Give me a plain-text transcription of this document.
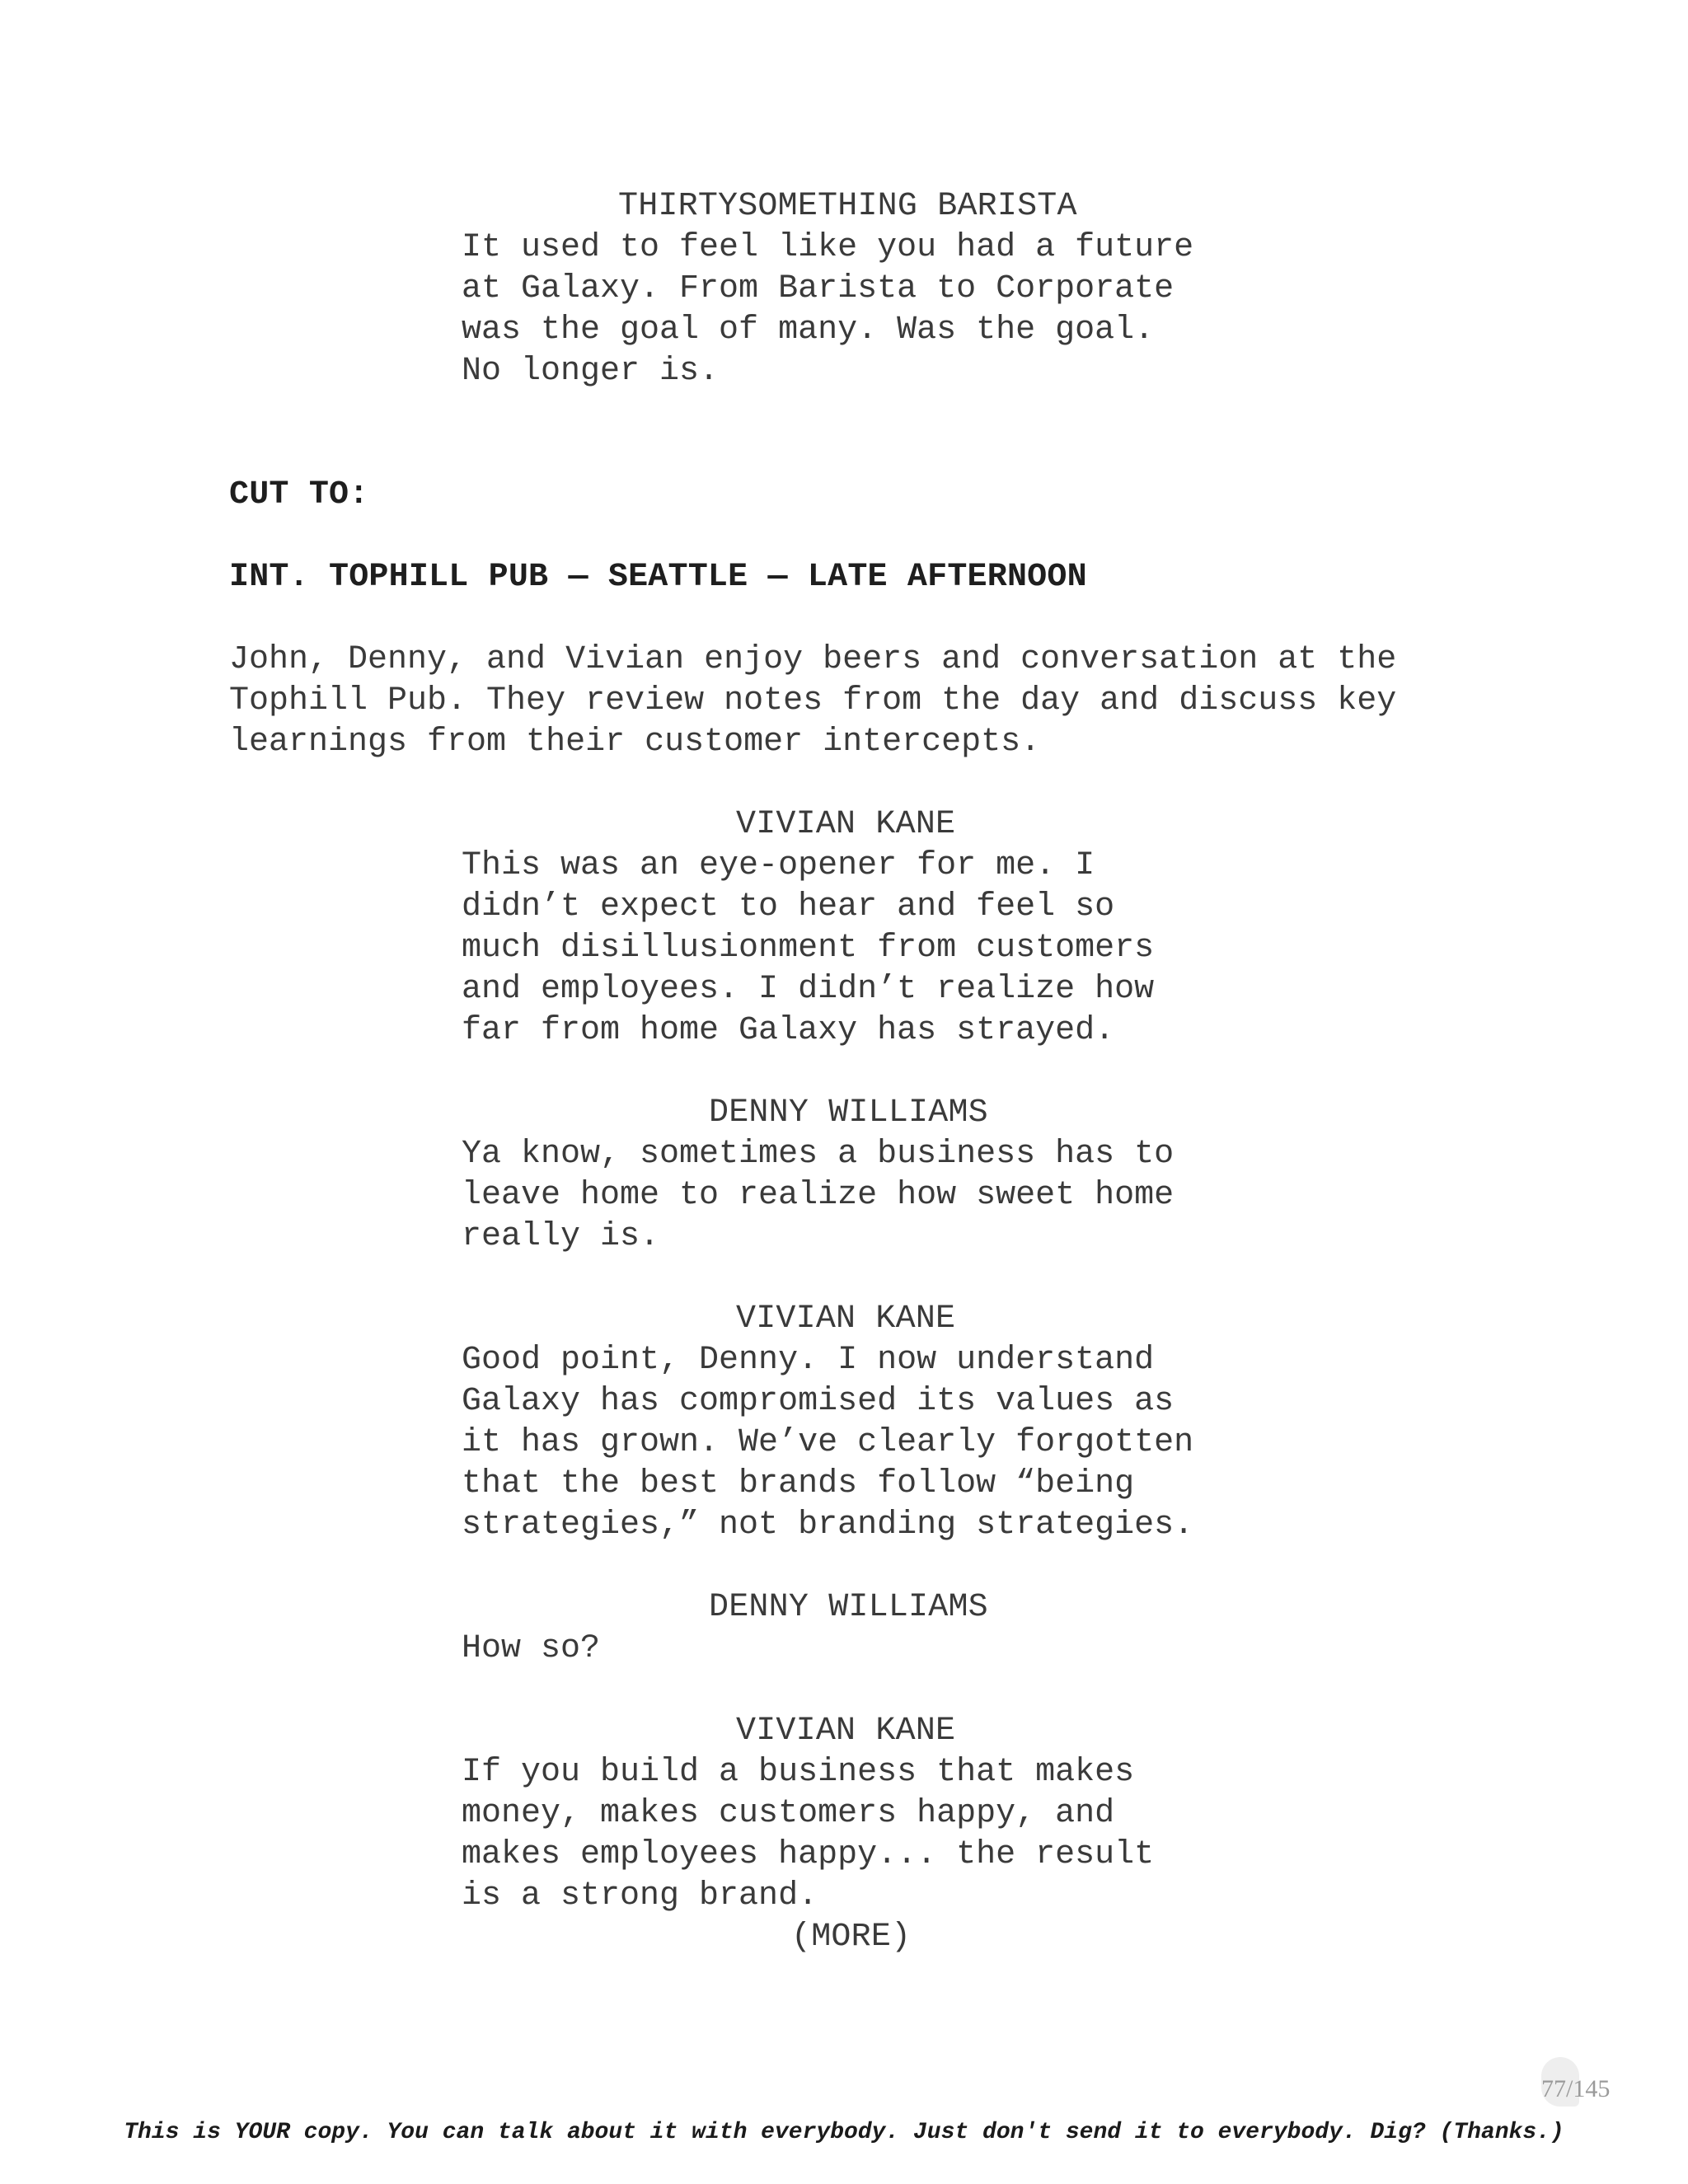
THIRTYSOMETHING BARISTA
It used to feel like you had a future
at Galaxy. From Barista to Corporate
was the goal of many. Was the goal.
No longer is.
CUT TO:
INT. TOPHILL PUB — SEATTLE — LATE AFTERNOON
John, Denny, and Vivian enjoy beers and conversation at the
Tophill Pub. They review notes from the day and discuss key
learnings from their customer intercepts.
VIVIAN KANE
This was an eye-opener for me. I
didn’t expect to hear and feel so
much disillusionment from customers
and employees. I didn’t realize how
far from home Galaxy has strayed.
DENNY WILLIAMS
Ya know, sometimes a business has to
leave home to realize how sweet home
really is.
VIVIAN KANE
Good point, Denny. I now understand
Galaxy has compromised its values as
it has grown. We’ve clearly forgotten
that the best brands follow “being
strategies,” not branding strategies.
DENNY WILLIAMS
How so?
VIVIAN KANE
If you build a business that makes
money, makes customers happy, and
makes employees happy... the result
is a strong brand.
(MORE)
77/145
This is YOUR copy. You can talk about it with everybody. Just don't send it to everybody. Dig? (Thanks.)
